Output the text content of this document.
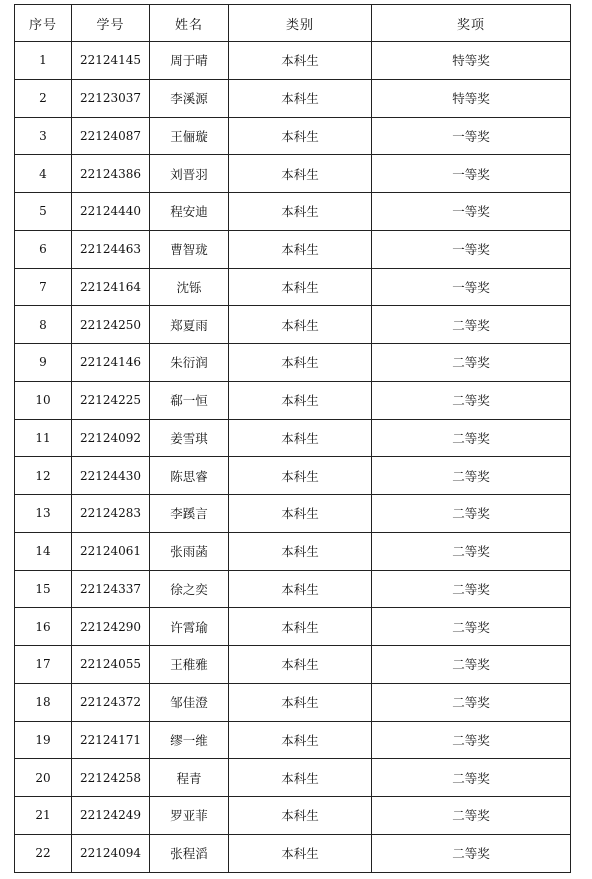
序号	学号	姓名	类别	奖项
1	22124145	周于晴	本科生	特等奖
2	22123037	李溪源	本科生	特等奖
3	22124087	王俪璇	本科生	一等奖
4	22124386	刘晋羽	本科生	一等奖
5	22124440	程安迪	本科生	一等奖
6	22124463	曹智珑	本科生	一等奖
7	22124164	沈铄	本科生	一等奖
8	22124250	郑夏雨	本科生	二等奖
9	22124146	朱衍润	本科生	二等奖
10	22124225	郗一恒	本科生	二等奖
11	22124092	姜雪琪	本科生	二等奖
12	22124430	陈思睿	本科生	二等奖
13	22124283	李蹊言	本科生	二等奖
14	22124061	张雨菡	本科生	二等奖
15	22124337	徐之奕	本科生	二等奖
16	22124290	许霄瑜	本科生	二等奖
17	22124055	王稚雅	本科生	二等奖
18	22124372	邹佳澄	本科生	二等奖
19	22124171	缪一维	本科生	二等奖
20	22124258	程青	本科生	二等奖
21	22124249	罗亚菲	本科生	二等奖
22	22124094	张程滔	本科生	二等奖
